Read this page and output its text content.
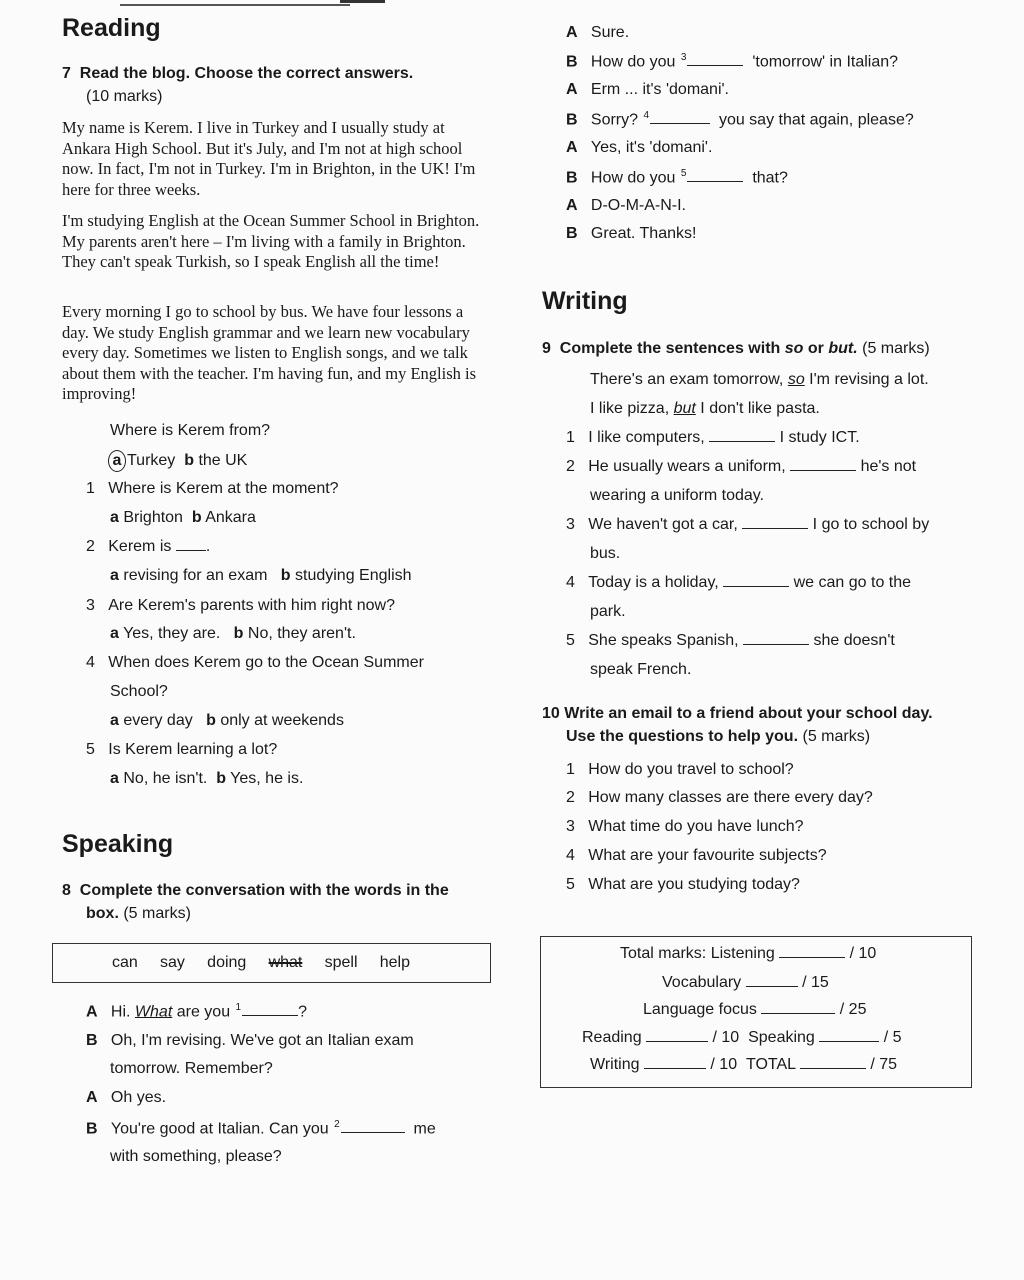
Reading
7 Read the blog. Choose the correct answers.
(10 marks)
My name is Kerem. I live in Turkey and I usually study at Ankara High School. But it's July, and I'm not at high school now. In fact, I'm not in Turkey. I'm in Brighton, in the UK! I'm here for three weeks.
I'm studying English at the Ocean Summer School in Brighton. My parents aren't here – I'm living with a family in Brighton. They can't speak Turkish, so I speak English all the time!
Every morning I go to school by bus. We have four lessons a day. We study English grammar and we learn new vocabulary every day. Sometimes we listen to English songs, and we talk about them with the teacher. I'm having fun, and my English is improving!
Where is Kerem from?
a Turkey b the UK
1 Where is Kerem at the moment?
a Brighton b Ankara
2   Kerem is .
a revising for an exam b studying English
3 Are Kerem's parents with him right now?
a Yes, they are. b No, they aren't.
4 When does Kerem go to the Ocean Summer
School?
a every day b only at weekends
5 Is Kerem learning a lot?
a No, he isn't. b Yes, he is.
Speaking
8 Complete the conversation with the words in the
box. (5 marks)
can say doing what spell help
A Hi. What are you $^1$	?
B Oh, I'm revising. We've got an Italian exam
tomorrow. Remember?
A Oh yes.
B You're good at Italian. Can you $^2$	me
with something, please?
A Sure.
B How do you $^3$	'tomorrow' in Italian?
A Erm ... it's 'domani'.
B Sorry? $^4$	you say that again, please?
A Yes, it's 'domani'.
B How do you $^5$	that?
A D-O-M-A-N-I.
B Great. Thanks!
Writing
9 Complete the sentences with so or but. (5 marks)
There's an exam tomorrow, so I'm revising a lot.
I like pizza, but I don't like pasta.
1 I like computers,	I study ICT.
2 He usually wears a uniform,	he's not
wearing a uniform today.
3 We haven't got a car,	I go to school by
bus.
4 Today is a holiday,	we can go to the
park.
5 She speaks Spanish,	she doesn't
speak French.
10 Write an email to a friend about your school day.
Use the questions to help you. (5 marks)
1 How do you travel to school?
2 How many classes are there every day?
3 What time do you have lunch?
4 What are your favourite subjects?
5 What are you studying today?
Total marks: Listening	/ 10
Vocabulary	/ 15
Language focus	/ 25
Reading	/ 10 Speaking	/ 5
Writing	/ 10 TOTAL	/ 75
